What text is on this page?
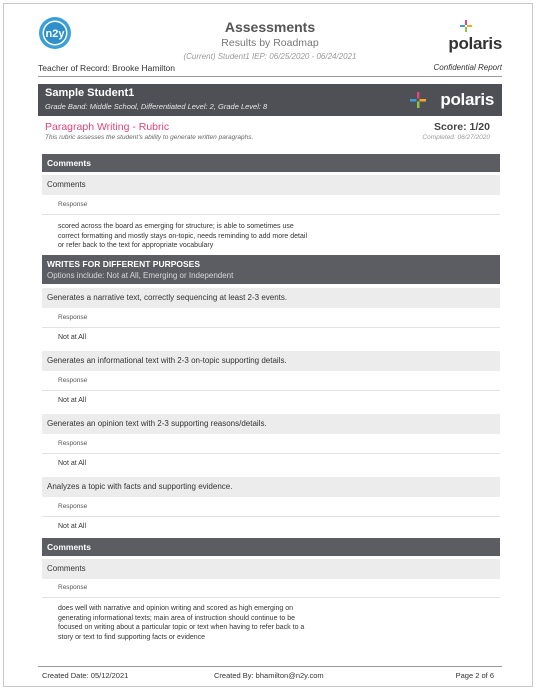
n2y	Assessments
Results by Roadmap
(Current) Student1 IEP: 06/25/2020 - 06/24/2021
polaris
Teacher of Record: Brooke Hamilton	Confidential Report
Sample Student1
Grade Band: Middle School, Differentiated Level: 2, Grade Level: 8	polaris
Paragraph Writing - Rubric
This rubric assesses the student's ability to generate written paragraphs.
Score: 1/20
Completed: 06/27/2020
Comments
Comments
Response
scored across the board as emerging for structure; is able to sometimes use
correct formatting and mostly stays on-topic, needs reminding to add more detail
or refer back to the text for appropriate vocabulary
WRITES FOR DIFFERENT PURPOSES
Options include: Not at All, Emerging or Independent
Generates a narrative text, correctly sequencing at least 2-3 events.
Response
Not at All
Generates an informational text with 2-3 on-topic supporting details.
Response
Not at All
Generates an opinion text with 2-3 supporting reasons/details.
Response
Not at All
Analyzes a topic with facts and supporting evidence.
Response
Not at All
Comments
Comments
Response
does well with narrative and opinion writing and scored as high emerging on
generating informational texts; main area of instruction should continue to be
focused on writing about a particular topic or text when having to refer back to a
story or text to find supporting facts or evidence
Created Date: 05/12/2021	Created By: bhamilton@n2y.com	Page 2 of 6
